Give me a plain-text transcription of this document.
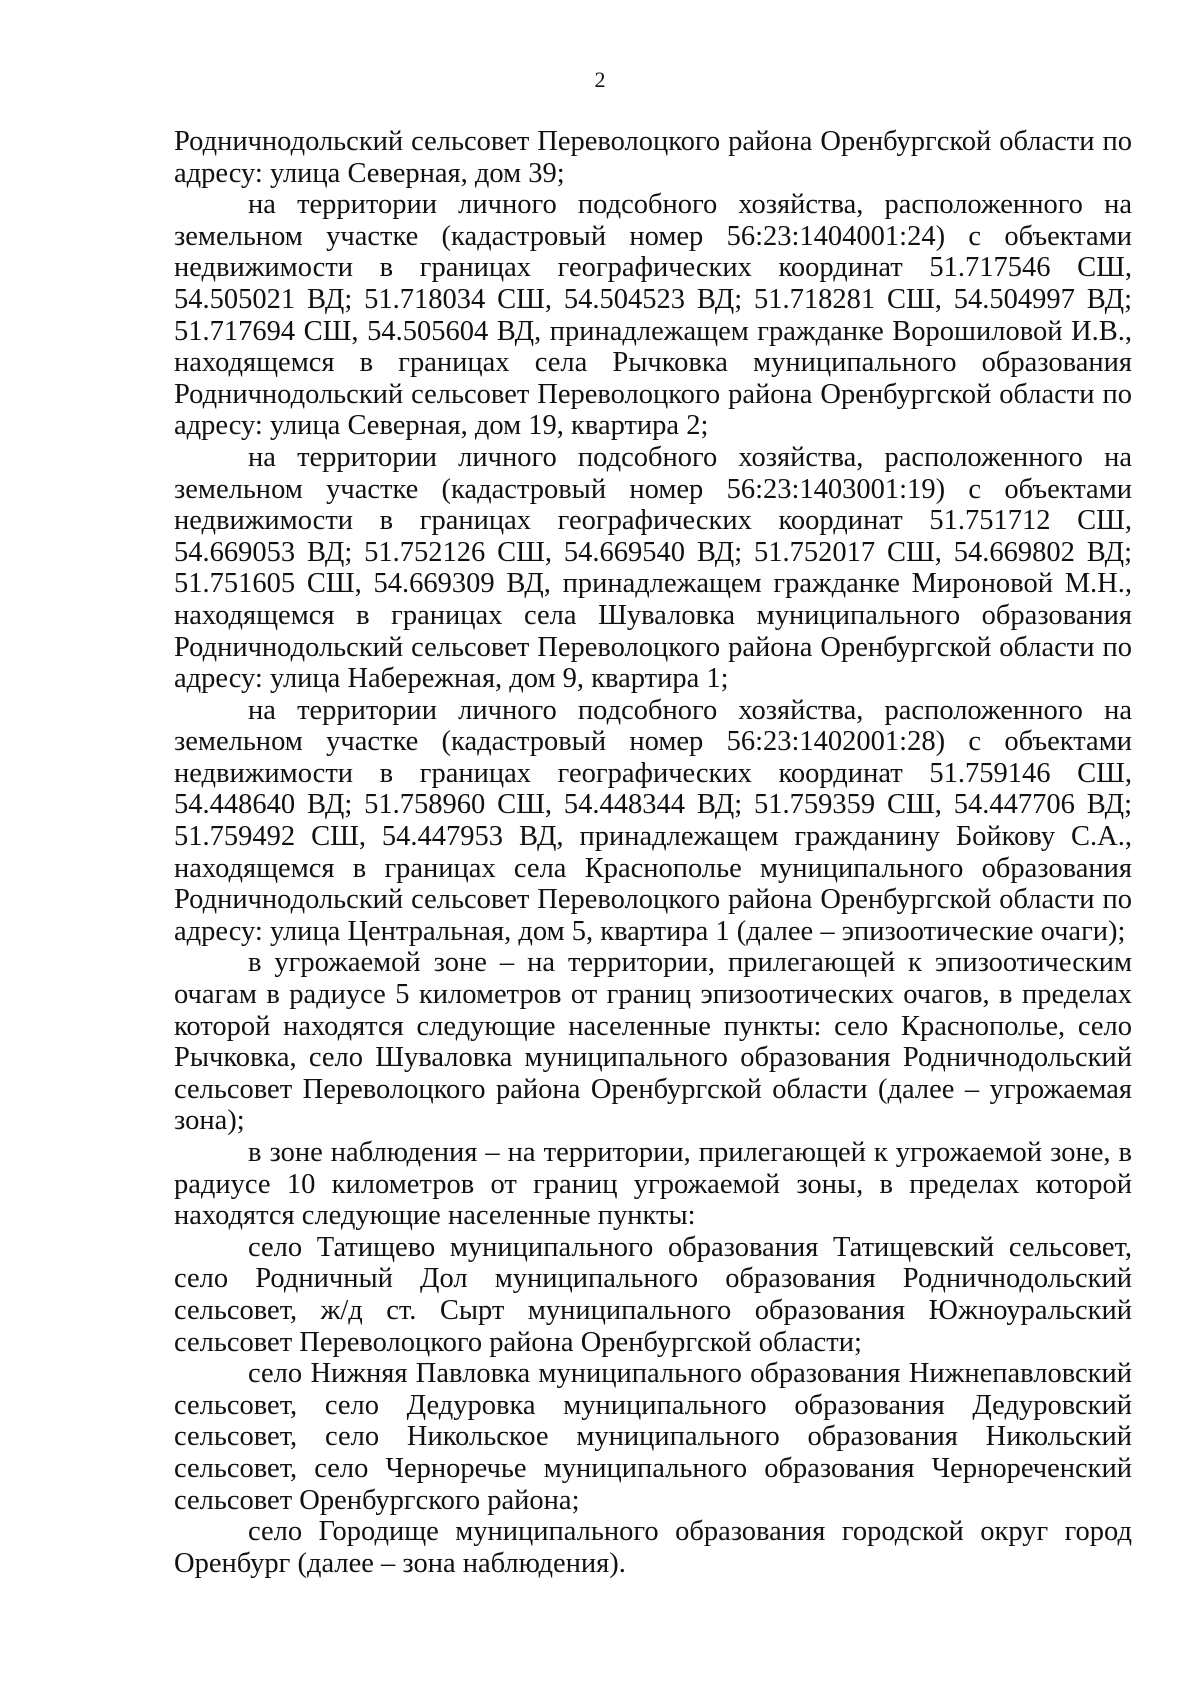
2

Родничнодольский сельсовет Переволоцкого района Оренбургской области по адресу: улица Северная, дом 39;

на территории личного подсобного хозяйства, расположенного на земельном участке (кадастровый номер 56:23:1404001:24) с объектами недвижимости в границах географических координат 51.717546 СШ, 54.505021 ВД; 51.718034 СШ, 54.504523 ВД; 51.718281 СШ, 54.504997 ВД; 51.717694 СШ, 54.505604 ВД, принадлежащем гражданке Ворошиловой И.В., находящемся в границах села Рычковка муниципального образования Родничнодольский сельсовет Переволоцкого района Оренбургской области по адресу: улица Северная, дом 19, квартира 2;

на территории личного подсобного хозяйства, расположенного на земельном участке (кадастровый номер 56:23:1403001:19) с объектами недвижимости в границах географических координат 51.751712 СШ, 54.669053 ВД; 51.752126 СШ, 54.669540 ВД; 51.752017 СШ, 54.669802 ВД; 51.751605 СШ, 54.669309 ВД, принадлежащем гражданке Мироновой М.Н., находящемся в границах села Шуваловка муниципального образования Родничнодольский сельсовет Переволоцкого района Оренбургской области по адресу: улица Набережная, дом 9, квартира 1;

на территории личного подсобного хозяйства, расположенного на земельном участке (кадастровый номер 56:23:1402001:28) с объектами недвижимости в границах географических координат 51.759146 СШ, 54.448640 ВД; 51.758960 СШ, 54.448344 ВД; 51.759359 СШ, 54.447706 ВД; 51.759492 СШ, 54.447953 ВД, принадлежащем гражданину Бойкову С.А., находящемся в границах села Краснополье муниципального образования Родничнодольский сельсовет Переволоцкого района Оренбургской области по адресу: улица Центральная, дом 5, квартира 1 (далее – эпизоотические очаги);

в угрожаемой зоне – на территории, прилегающей к эпизоотическим очагам в радиусе 5 километров от границ эпизоотических очагов, в пределах которой находятся следующие населенные пункты: село Краснополье, село Рычковка, село Шуваловка муниципального образования Родничнодольский сельсовет Переволоцкого района Оренбургской области (далее – угрожаемая зона);

в зоне наблюдения – на территории, прилегающей к угрожаемой зоне, в радиусе 10 километров от границ угрожаемой зоны, в пределах которой находятся следующие населенные пункты:

село Татищево муниципального образования Татищевский сельсовет, село Родничный Дол муниципального образования Родничнодольский сельсовет, ж/д ст. Сырт муниципального образования Южноуральский сельсовет Переволоцкого района Оренбургской области;

село Нижняя Павловка муниципального образования Нижнепавловский сельсовет, село Дедуровка муниципального образования Дедуровский сельсовет, село Никольское муниципального образования Никольский сельсовет, село Черноречье муниципального образования Чернореченский сельсовет Оренбургского района;

село Городище муниципального образования городской округ город Оренбург (далее – зона наблюдения).
